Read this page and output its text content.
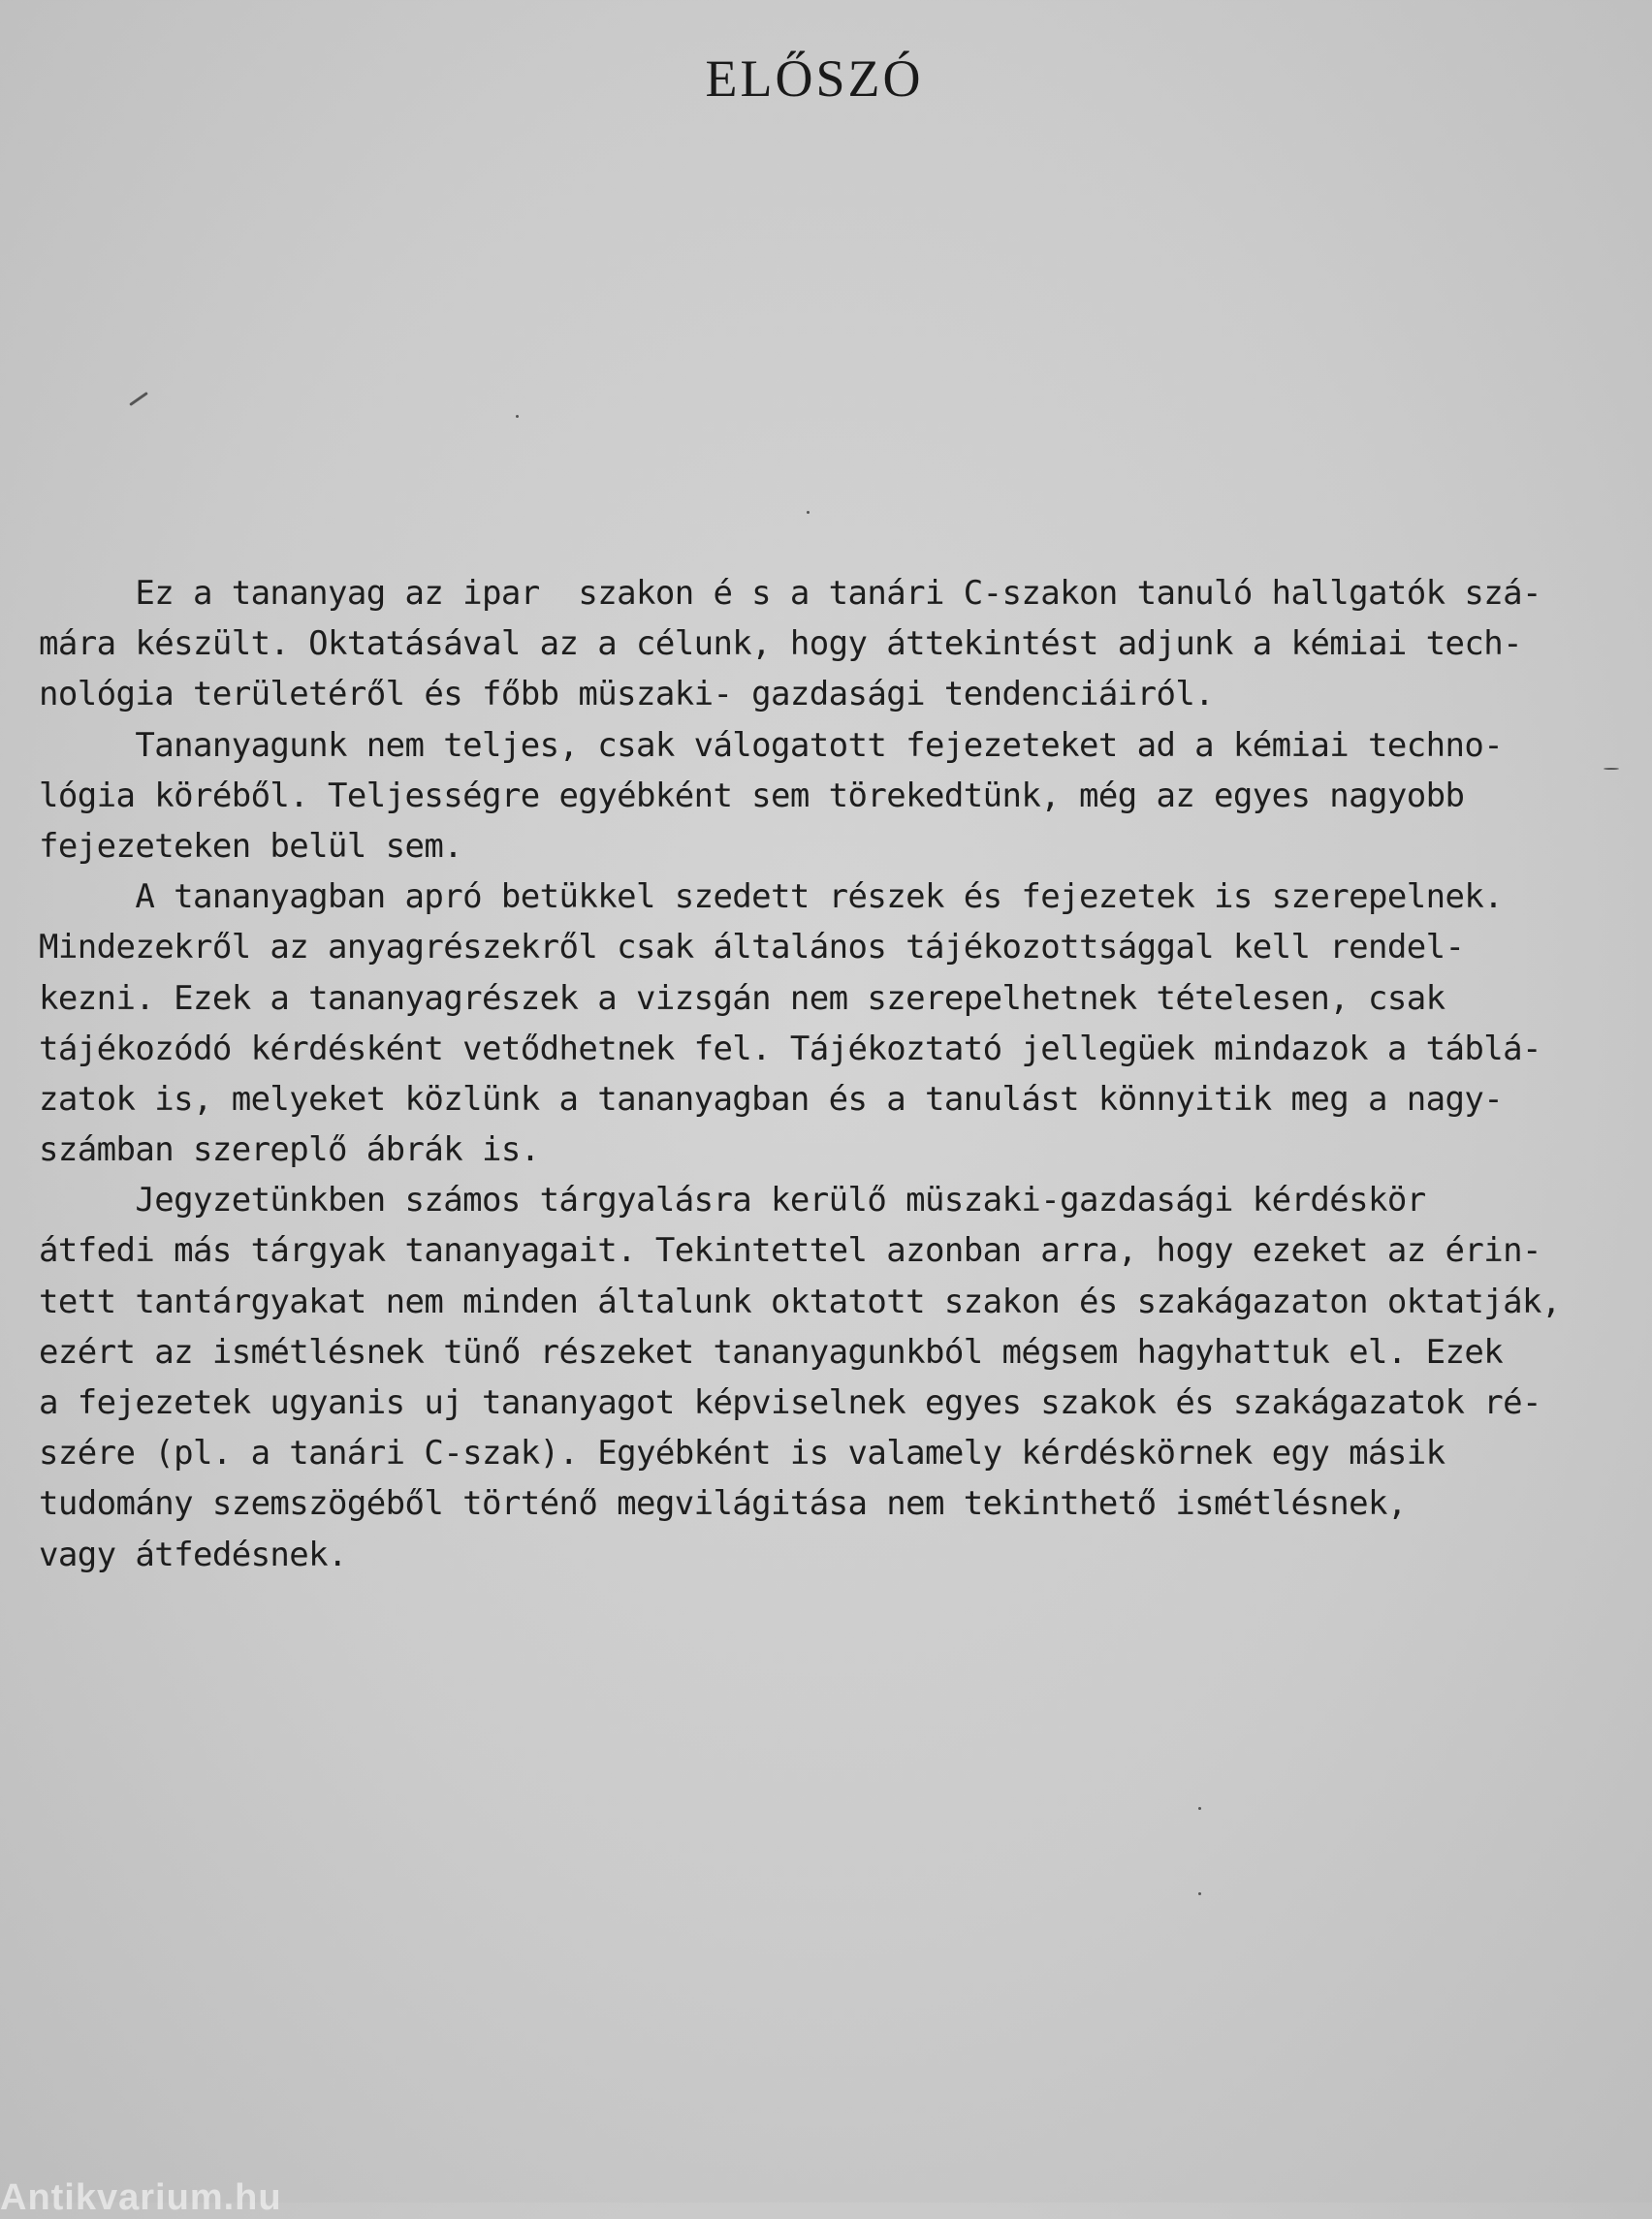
ELŐSZÓ
Ez a tananyag az ipar  szakon é s a tanári C-szakon tanuló hallgatók szá-
mára készült. Oktatásával az a célunk, hogy áttekintést adjunk a kémiai tech-
nológia területéről és főbb müszaki- gazdasági tendenciáiról.
Tananyagunk nem teljes, csak válogatott fejezeteket ad a kémiai techno-
lógia köréből. Teljességre egyébként sem törekedtünk, még az egyes nagyobb
fejezeteken belül sem.
A tananyagban apró betükkel szedett részek és fejezetek is szerepelnek.
Mindezekről az anyagrészekről csak általános tájékozottsággal kell rendel-
kezni. Ezek a tananyagrészek a vizsgán nem szerepelhetnek tételesen, csak
tájékozódó kérdésként vetődhetnek fel. Tájékoztató jellegüek mindazok a táblá-
zatok is, melyeket közlünk a tananyagban és a tanulást könnyitik meg a nagy-
számban szereplő ábrák is.
Jegyzetünkben számos tárgyalásra kerülő müszaki-gazdasági kérdéskör
átfedi más tárgyak tananyagait. Tekintettel azonban arra, hogy ezeket az érin-
tett tantárgyakat nem minden általunk oktatott szakon és szakágazaton oktatják,
ezért az ismétlésnek tünő részeket tananyagunkból mégsem hagyhattuk el. Ezek
a fejezetek ugyanis uj tananyagot képviselnek egyes szakok és szakágazatok ré-
szére (pl. a tanári C-szak). Egyébként is valamely kérdéskörnek egy másik
tudomány szemszögéből történő megvilágitása nem tekinthető ismétlésnek,
vagy átfedésnek.
Antikvarium.hu
